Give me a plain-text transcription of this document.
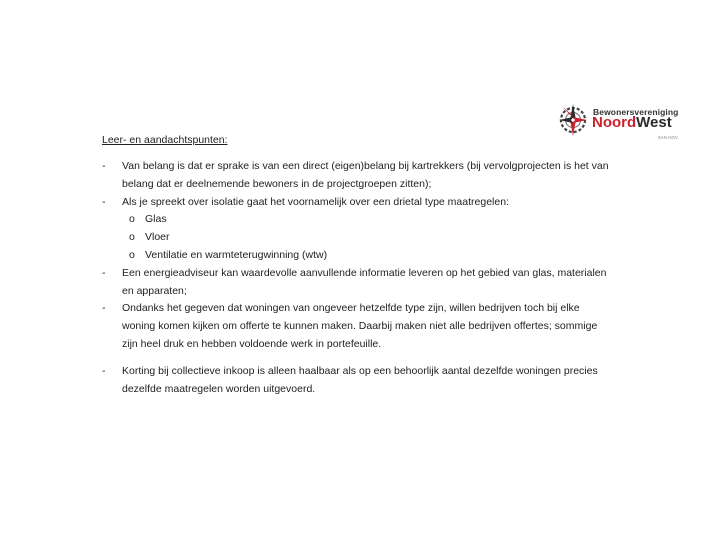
Bewonersvereniging
NoordWest
SAN NOV
Leer- en aandachtspunten:
- Van belang is dat er sprake is van een direct (eigen)belang bij kartrekkers (bij vervolgprojecten is het van belang dat er deelnemende bewoners in de projectgroepen zitten);
- Als je spreekt over isolatie gaat het voornamelijk over een drietal type maatregelen:
o Glas
o Vloer
o Ventilatie en warmteterugwinning (wtw)
- Een energieadviseur kan waardevolle aanvullende informatie leveren op het gebied van glas, materialen en apparaten;
- Ondanks het gegeven dat woningen van ongeveer hetzelfde type zijn, willen bedrijven toch bij elke woning komen kijken om offerte te kunnen maken. Daarbij maken niet alle bedrijven offertes; sommige zijn heel druk en hebben voldoende werk in portefeuille.
- Korting bij collectieve inkoop is alleen haalbaar als op een behoorlijk aantal dezelfde woningen precies dezelfde maatregelen worden uitgevoerd.
